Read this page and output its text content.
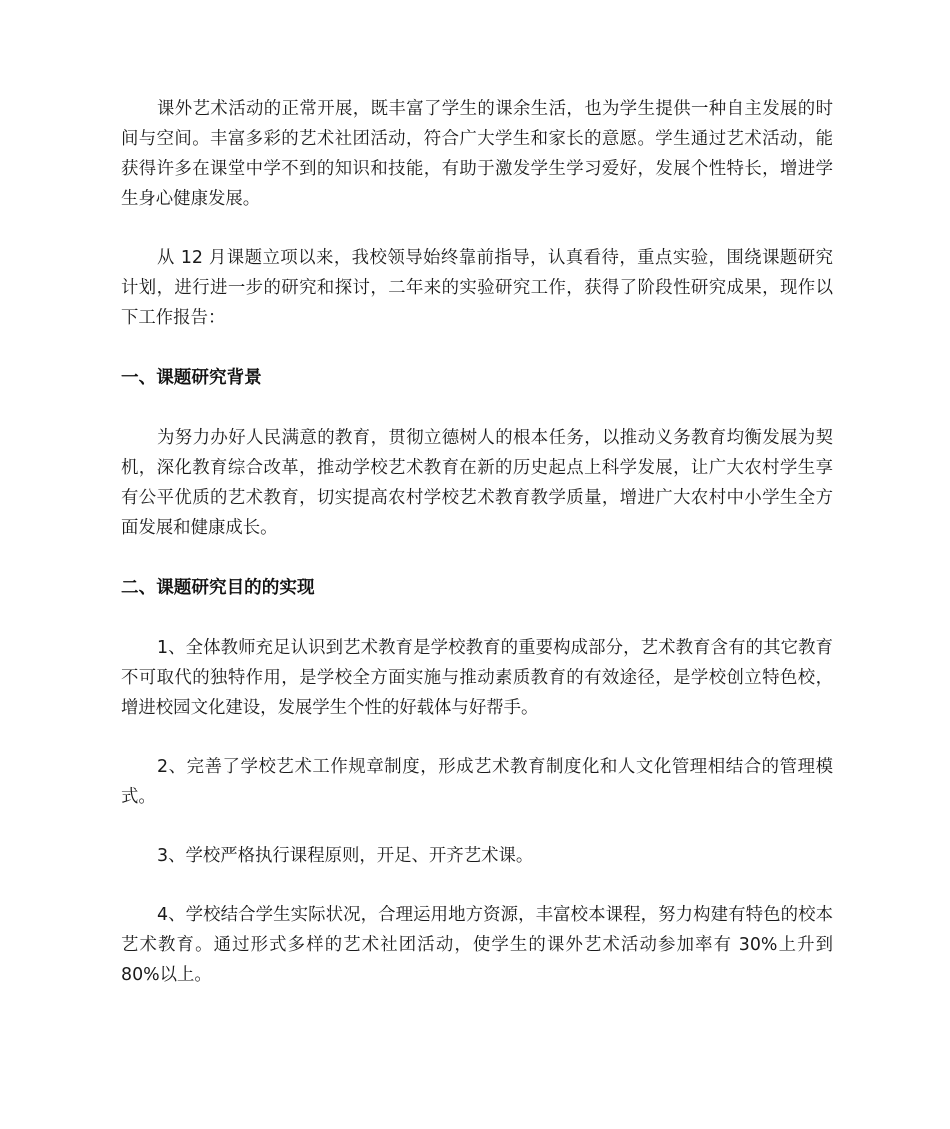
课外艺术活动的正常开展，既丰富了学生的课余生活，也为学生提供一种自主发展的时间与空间。丰富多彩的艺术社团活动，符合广大学生和家长的意愿。学生通过艺术活动，能获得许多在课堂中学不到的知识和技能，有助于激发学生学习爱好，发展个性特长，增进学生身心健康发展。

从 12 月课题立项以来，我校领导始终靠前指导，认真看待，重点实验，围绕课题研究计划，进行进一步的研究和探讨，二年来的实验研究工作，获得了阶段性研究成果，现作以下工作报告：

一、课题研究背景

为努力办好人民满意的教育，贯彻立德树人的根本任务，以推动义务教育均衡发展为契机，深化教育综合改革，推动学校艺术教育在新的历史起点上科学发展，让广大农村学生享有公平优质的艺术教育，切实提高农村学校艺术教育教学质量，增进广大农村中小学生全方面发展和健康成长。

二、课题研究目的的实现

1、全体教师充足认识到艺术教育是学校教育的重要构成部分，艺术教育含有的其它教育不可取代的独特作用，是学校全方面实施与推动素质教育的有效途径，是学校创立特色校，增进校园文化建设，发展学生个性的好载体与好帮手。

2、完善了学校艺术工作规章制度，形成艺术教育制度化和人文化管理相结合的管理模式。

3、学校严格执行课程原则，开足、开齐艺术课。

4、学校结合学生实际状况，合理运用地方资源，丰富校本课程，努力构建有特色的校本艺术教育。通过形式多样的艺术社团活动，使学生的课外艺术活动参加率有 30%上升到 80%以上。
